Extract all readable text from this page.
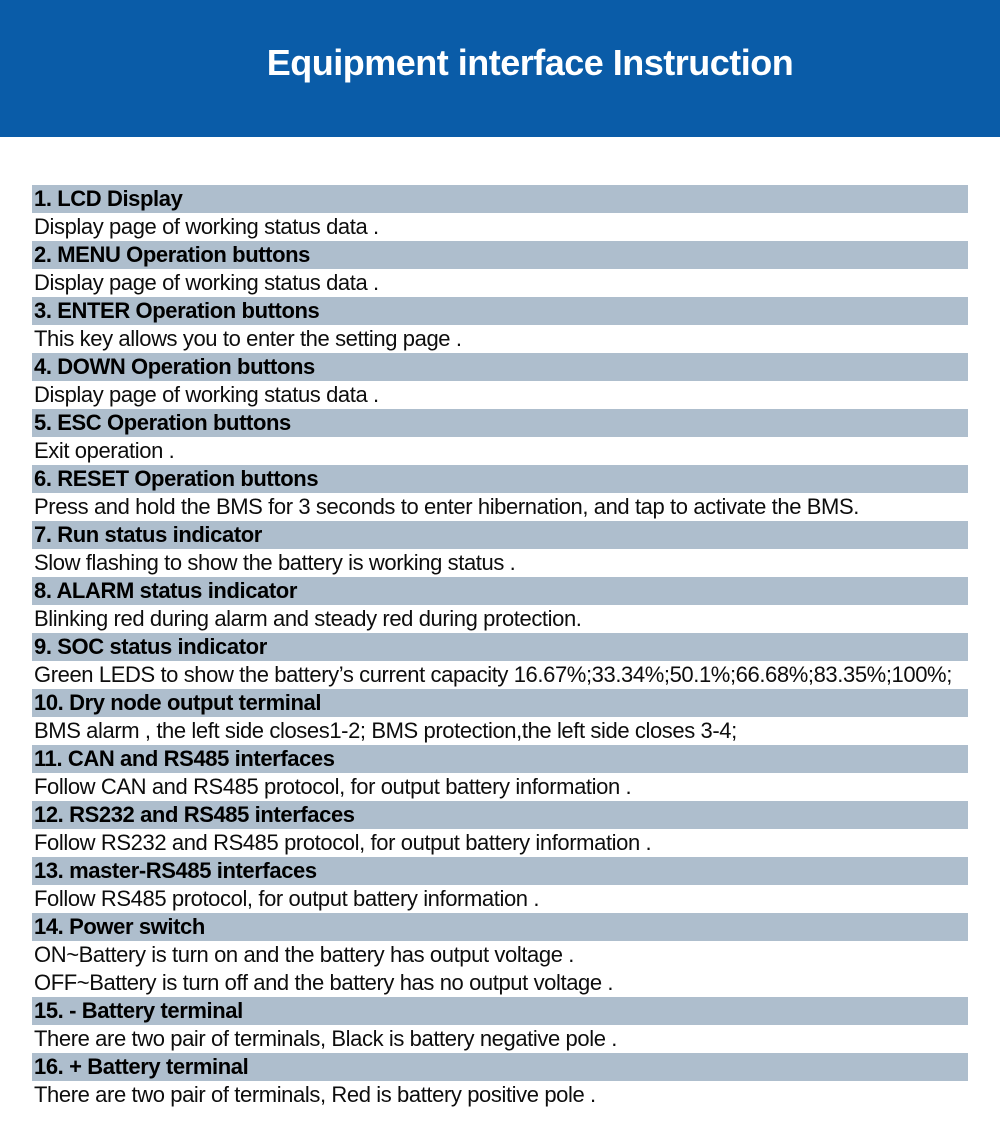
Equipment interface Instruction
1. LCD Display
Display page of working status data .
2. MENU Operation buttons
Display page of working status data .
3. ENTER Operation buttons
This key allows you to enter the setting page .
4. DOWN Operation buttons
Display page of working status data .
5. ESC Operation buttons
Exit operation .
6. RESET Operation buttons
Press and hold the BMS for 3 seconds to enter hibernation, and tap to activate the BMS.
7. Run status indicator
Slow flashing to show the battery is working status .
8. ALARM status indicator
Blinking red during alarm and steady red during protection.
9. SOC status indicator
Green LEDS to show the battery’s current capacity 16.67%;33.34%;50.1%;66.68%;83.35%;100%;
10. Dry node output terminal
BMS alarm , the left side closes1-2; BMS protection,the left side closes 3-4;
11. CAN and RS485 interfaces
Follow CAN and RS485 protocol, for output battery information .
12. RS232 and RS485 interfaces
Follow RS232 and RS485 protocol, for output battery information .
13. master-RS485 interfaces
Follow RS485 protocol, for output battery information .
14. Power switch
ON~Battery is turn on and the battery has output voltage .
OFF~Battery is turn off and the battery has no output voltage .
15. - Battery terminal
There are two pair of terminals, Black is battery negative pole .
16. + Battery terminal
There are two pair of terminals, Red is battery positive pole .
